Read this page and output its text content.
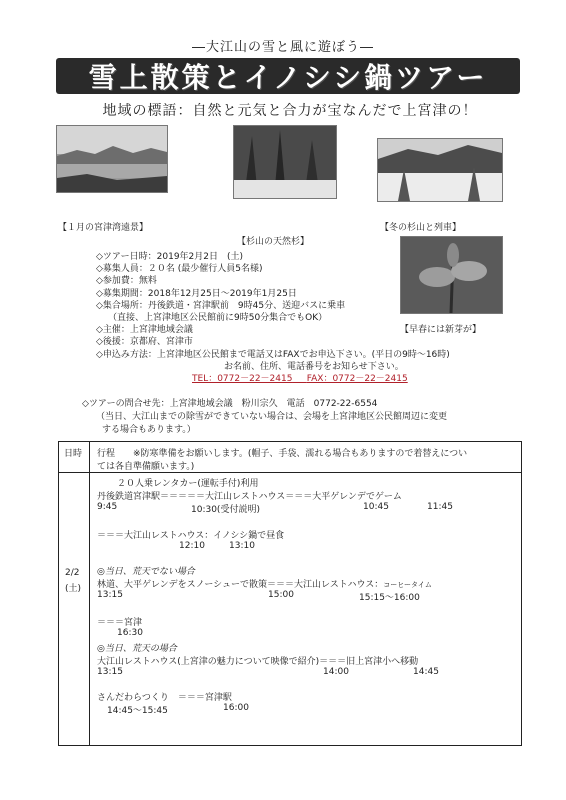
―大江山の雪と風に遊ぼう―
雪上散策とイノシシ鍋ツアー
地域の標語：自然と元気と合力が宝なんだで上宮津の！
【１月の宮津湾遠景】
【杉山の天然杉】
【冬の杉山と列車】
【早春には新芽が】
◇ツアー日時：2019年2月2日　(土)
◇募集人員：２０名 (最少催行人員5名様)
◇参加費：無料
◇募集期間：2018年12月25日～2019年1月25日
◇集合場所：丹後鉄道・宮津駅前　9時45分、送迎バスに乗車
（直接、上宮津地区公民館前に9時50分集合でもOK）
◇主催：上宮津地域会議
◇後援：京都府、宮津市
◇申込み方法：上宮津地区公民館まで電話又はFAXでお申込下さい。(平日の9時～16時)
お名前、住所、電話番号をお知らせ下さい。
TEL：0772－22－2415 FAX：0772－22－2415
◇ツアーの問合せ先：上宮津地域会議　粉川宗久　電話　0772-22-6554
（当日、大江山までの除雪ができていない場合は、会場を上宮津地区公民館周辺に変更
する場合もあります。）
日時 行程 ※防寒準備をお願いします。(帽子、手袋、濡れる場合もありますので着替えについ
ては各自準備願います。)
2/2
(土)
２０人乗レンタカー(運転手付)利用
丹後鉄道宮津駅＝＝＝＝＝大江山レストハウス＝＝＝大平ゲレンデでゲーム
9:45	10:30(受付説明)	10:45	11:45
＝＝＝大江山レストハウス：イノシシ鍋で昼食
12:10	13:10
◎当日、荒天でない場合
林道、大平ゲレンデをスノーシューで散策＝＝＝大江山レストハウス：コーヒータイム
13:15	15:00	15:15～16:00
＝＝＝宮津
16:30
◎当日、荒天の場合
大江山レストハウス(上宮津の魅力について映像で紹介)＝＝＝旧上宮津小へ移動
13:15	14:00	14:45
さんだわらつくり　＝＝＝宮津駅
14:45～15:45	16:00
